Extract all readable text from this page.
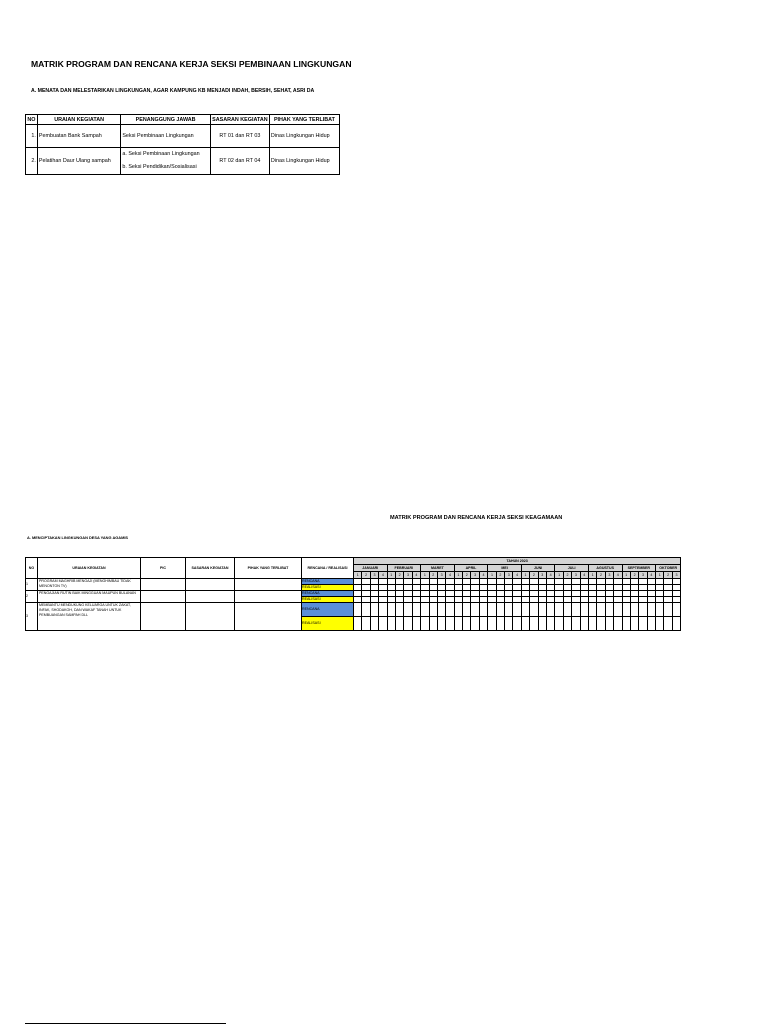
MATRIK PROGRAM DAN RENCANA KERJA SEKSI PEMBINAAN LINGKUNGAN
A. MENATA DAN MELESTARIKAN LINGKUNGAN, AGAR KAMPUNG KB MENJADI INDAH, BERSIH, SEHAT, ASRI DA
NO	URAIAN KEGIATAN	PENANGGUNG JAWAB	SASARAN KEGIATAN	PIHAK YANG TERLIBAT
1.	Pembuatan Bank Sampah	Seksi Pembinaan Lingkungan	RT 01 dan RT 03	Dinas Lingkungan Hidup
2.	Pelatihan Daur Ulang sampah	a. Seksi Pembinaan Lingkungan
b. Seksi Pendidikan/Sosialisasi	RT 02 dan RT 04	Dinas Lingkungan Hidup
MATRIK PROGRAM DAN RENCANA KERJA SEKSI KEAGAMAAN
A. MENCIPTAKAN LINGKUNGAN DESA YANG AGAMIS
NO	URAIAN KEGIATAN	PIC	SASARAN KEGIATAN	PIHAK YANG TERLIBAT	RENCANA / REALISASI	TAHUN 2023																																						
						JANUARI				FEBRUARI				MARET				APRIL				MEI				JUNI				JULI				AGUSTUS				SEPTEMBER				OKTOBER		
						1	2	3	4	1	2	3	4	1	2	3	4	1	2	3	4	1	2	3	4	1	2	3	4	1	2	3	4	1	2	3	4	1	2	3	4	1	2	3
1	PROGRAM MAGHRIB MENGAJI (MENGHIMBAU TIDAK MENONTON TV)				RENCANA																																							
					REALISASI																																							
2	PENGAJIAN RUTIN BAIK MINGGUAN MAUPUN BULANAN				RENCANA																																							
					REALISASI																																							
3	MEMBANTU MENDUKUNG KELUARGA UNTUK ZAKAT, INFAK, SHODAKOH, DAN WAKAF TANAH UNTUK PEMBUANGAN SAMPAH DLL				RENCANA																																							
					REALISASI																																							
